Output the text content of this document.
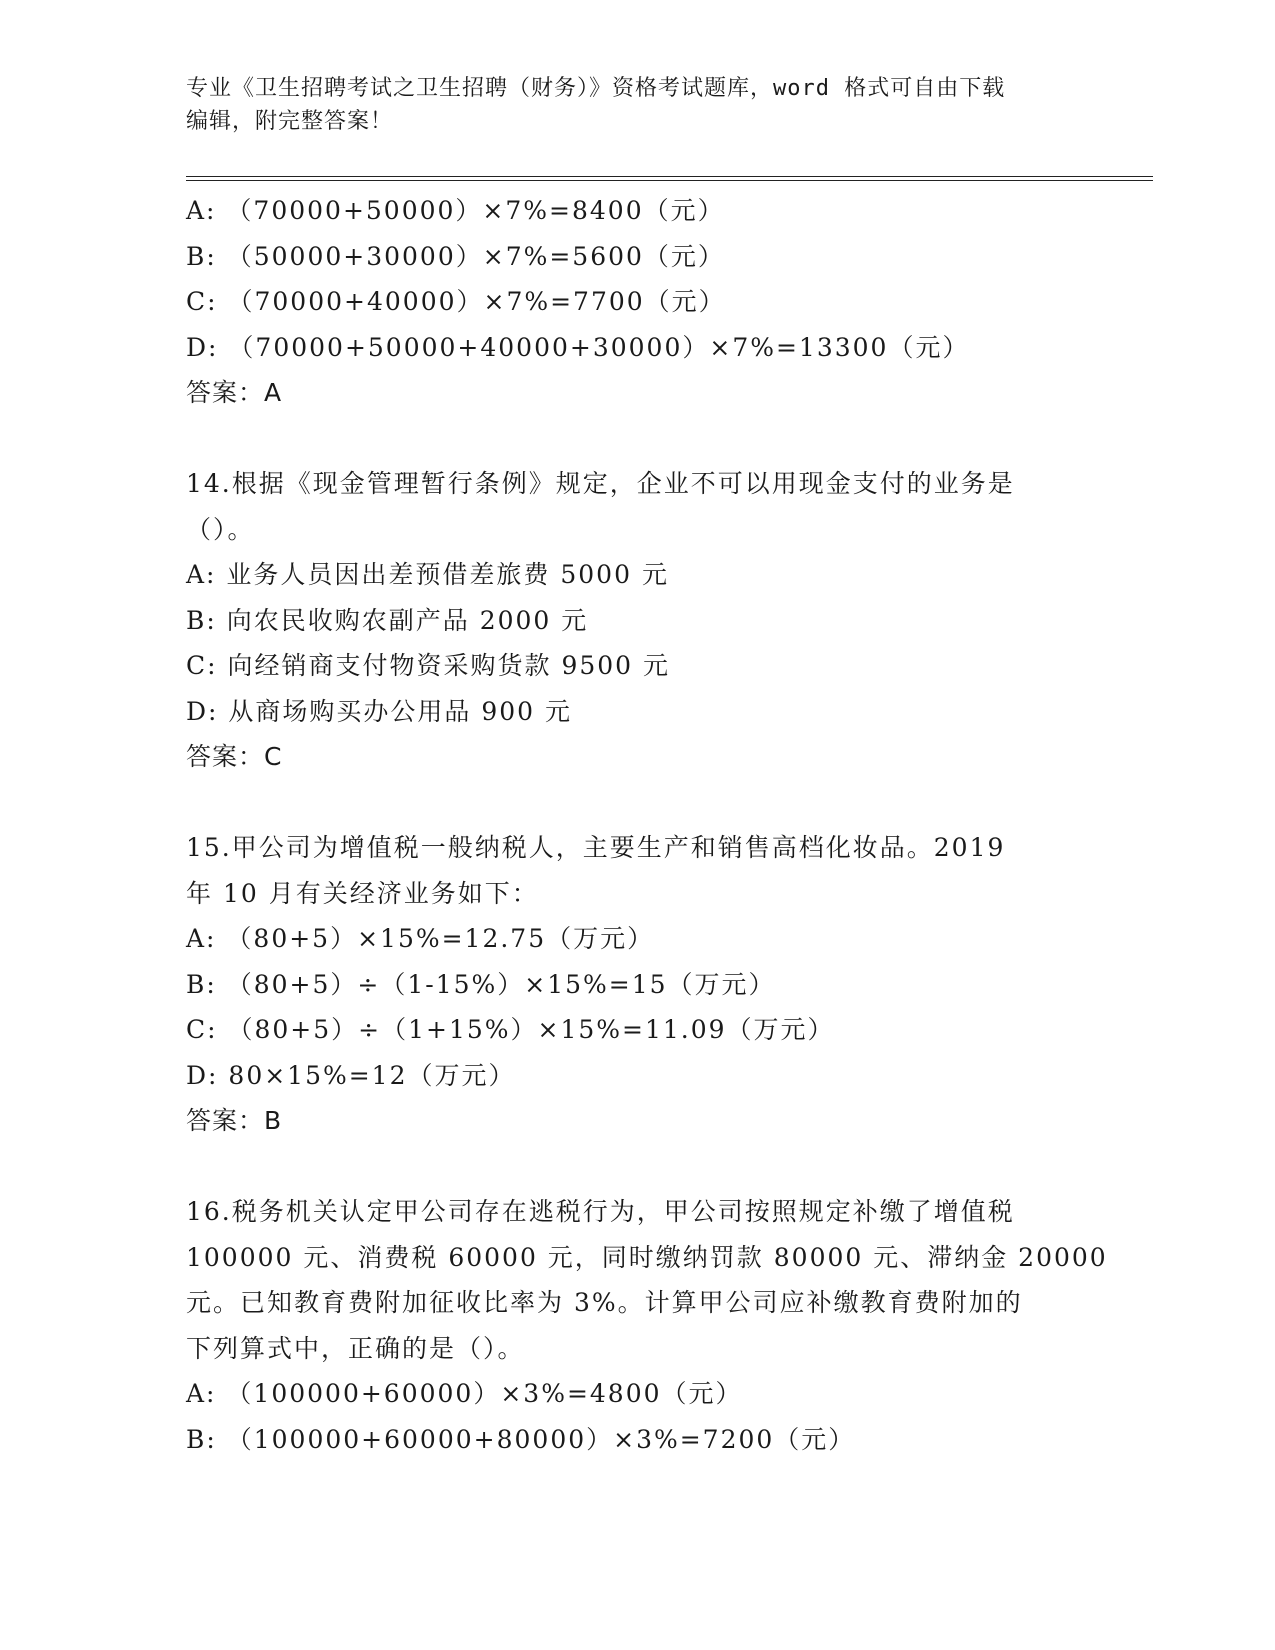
专业《卫生招聘考试之卫生招聘（财务）》资格考试题库，word 格式可自由下载
编辑，附完整答案！
A: （70000+50000）×7%=8400（元）
B: （50000+30000）×7%=5600（元）
C: （70000+40000）×7%=7700（元）
D: （70000+50000+40000+30000）×7%=13300（元）
答案：A
14.根据《现金管理暂行条例》规定，企业不可以用现金支付的业务是
（）。
A: 业务人员因出差预借差旅费 5000 元
B: 向农民收购农副产品 2000 元
C: 向经销商支付物资采购货款 9500 元
D: 从商场购买办公用品 900 元
答案：C
15.甲公司为增值税一般纳税人，主要生产和销售高档化妆品。2019
年 10 月有关经济业务如下：
A: （80+5）×15%=12.75（万元）
B: （80+5）÷（1-15%）×15%=15（万元）
C: （80+5）÷（1+15%）×15%=11.09（万元）
D: 80×15%=12（万元）
答案：B
16.税务机关认定甲公司存在逃税行为，甲公司按照规定补缴了增值税
100000 元、消费税 60000 元，同时缴纳罚款 80000 元、滞纳金 20000
元。已知教育费附加征收比率为 3%。计算甲公司应补缴教育费附加的
下列算式中，正确的是（）。
A: （100000+60000）×3%=4800（元）
B: （100000+60000+80000）×3%=7200（元）
